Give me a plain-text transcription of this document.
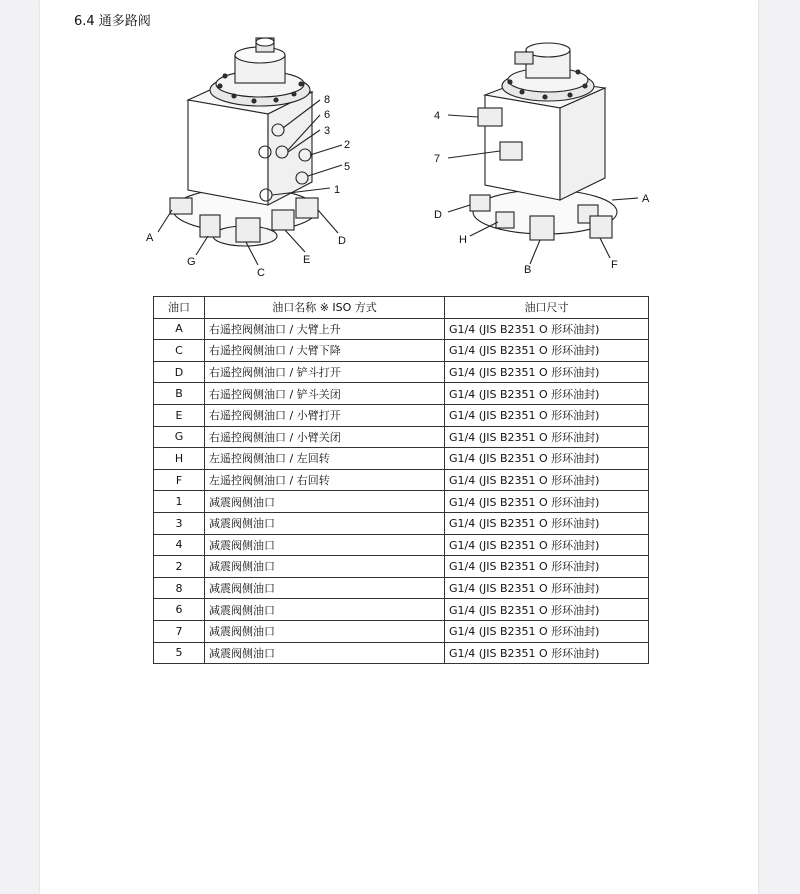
6.4 通多路阀
8
6
3
2
5
1
A
G
C
E
D
4
7
A
D
H
B	F
油口	油口名称 ※ ISO 方式	油口尺寸
A	右遥控阀侧油口 / 大臂上升	G1/4 (JIS B2351 O 形环油封)
C	右遥控阀侧油口 / 大臂下降	G1/4 (JIS B2351 O 形环油封)
D	右遥控阀侧油口 / 铲斗打开	G1/4 (JIS B2351 O 形环油封)
B	右遥控阀侧油口 / 铲斗关闭	G1/4 (JIS B2351 O 形环油封)
E	右遥控阀侧油口 / 小臂打开	G1/4 (JIS B2351 O 形环油封)
G	右遥控阀侧油口 / 小臂关闭	G1/4 (JIS B2351 O 形环油封)
H	左遥控阀侧油口 / 左回转	G1/4 (JIS B2351 O 形环油封)
F	左遥控阀侧油口 / 右回转	G1/4 (JIS B2351 O 形环油封)
1	减震阀侧油口	G1/4 (JIS B2351 O 形环油封)
3	减震阀侧油口	G1/4 (JIS B2351 O 形环油封)
4	减震阀侧油口	G1/4 (JIS B2351 O 形环油封)
2	减震阀侧油口	G1/4 (JIS B2351 O 形环油封)
8	减震阀侧油口	G1/4 (JIS B2351 O 形环油封)
6	减震阀侧油口	G1/4 (JIS B2351 O 形环油封)
7	减震阀侧油口	G1/4 (JIS B2351 O 形环油封)
5	减震阀侧油口	G1/4 (JIS B2351 O 形环油封)
